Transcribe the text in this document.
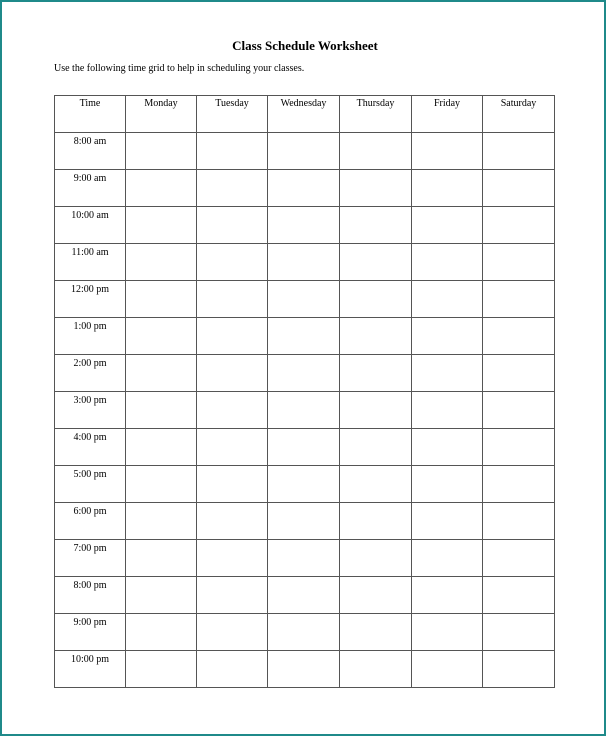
Class Schedule Worksheet
Use the following time grid to help in scheduling your classes.
Time	Monday	Tuesday	Wednesday	Thursday	Friday	Saturday
8:00 am						
9:00 am						
10:00 am						
11:00 am						
12:00 pm						
1:00 pm						
2:00 pm						
3:00 pm						
4:00 pm						
5:00 pm						
6:00 pm						
7:00 pm						
8:00 pm						
9:00 pm						
10:00 pm						
